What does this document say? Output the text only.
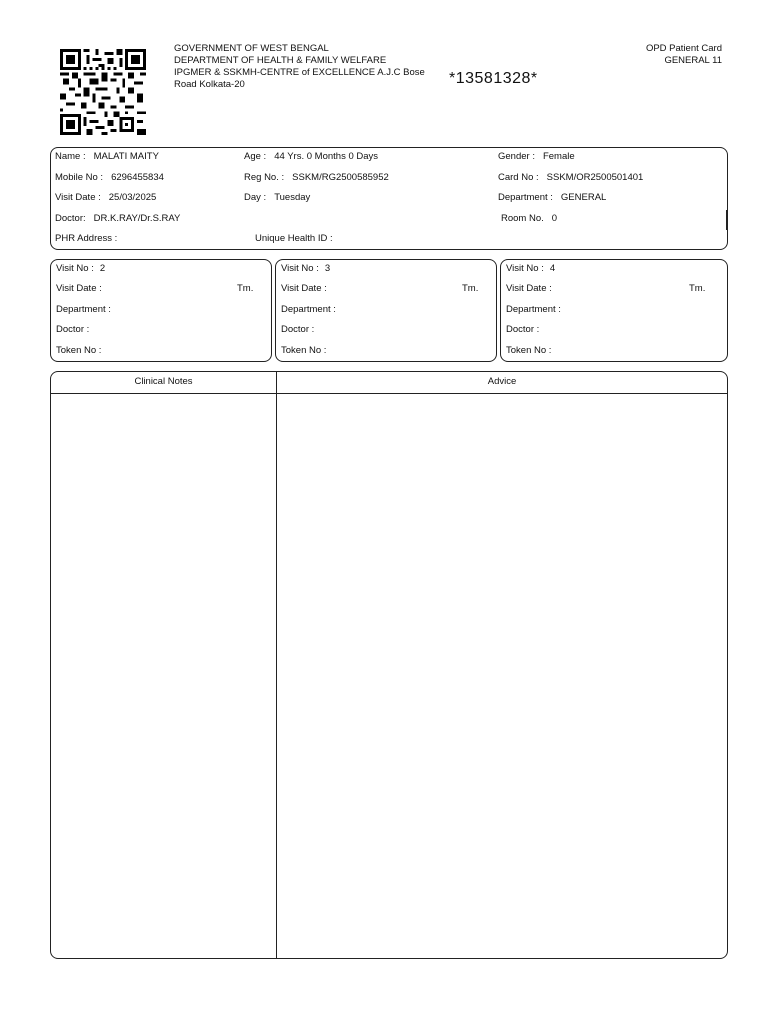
GOVERNMENT OF WEST BENGAL
DEPARTMENT OF HEALTH & FAMILY WELFARE
IPGMER & SSKMH-CENTRE of EXCELLENCE A.J.C Bose
Road Kolkata-20	*13581328*
OPD Patient Card
GENERAL 11
Name : MALATI MAITY	Age : 44 Yrs. 0 Months 0 Days	Gender : Female
Mobile No : 6296455834	Reg No. : SSKM/RG2500585952	Card No : SSKM/OR2500501401
Visit Date : 25/03/2025	Day : Tuesday	Department : GENERAL
Doctor: DR.K.RAY/Dr.S.RAY	Room No. 0
PHR Address :	Unique Health ID :
Visit No : 2
Visit Date :	Tm.
Department :
Doctor :
Token No :
Visit No : 3
Visit Date :	Tm.
Department :
Doctor :
Token No :
Visit No : 4
Visit Date :	Tm.
Department :
Doctor :
Token No :
Clinical Notes	Advice
